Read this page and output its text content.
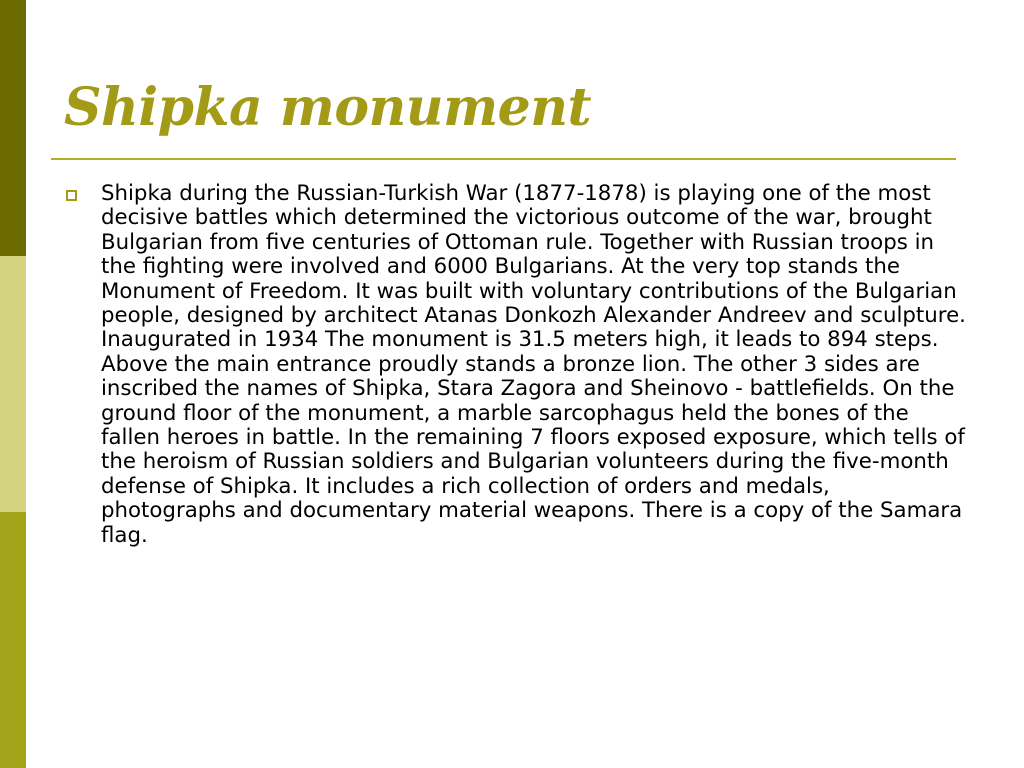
Shipka monument

Shipka during the Russian-Turkish War (1877-1878) is playing one of the most decisive battles which determined the victorious outcome of the war, brought Bulgarian from five centuries of Ottoman rule. Together with Russian troops in the fighting were involved and 6000 Bulgarians. At the very top stands the Monument of Freedom. It was built with voluntary contributions of the Bulgarian people, designed by architect Atanas Donkozh Alexander Andreev and sculpture. Inaugurated in 1934 The monument is 31.5 meters high, it leads to 894 steps. Above the main entrance proudly stands a bronze lion. The other 3 sides are inscribed the names of Shipka, Stara Zagora and Sheinovo - battlefields. On the ground floor of the monument, a marble sarcophagus held the bones of the fallen heroes in battle. In the remaining 7 floors exposed exposure, which tells of the heroism of Russian soldiers and Bulgarian volunteers during the five-month defense of Shipka. It includes a rich collection of orders and medals, photographs and documentary material weapons. There is a copy of the Samara flag.
